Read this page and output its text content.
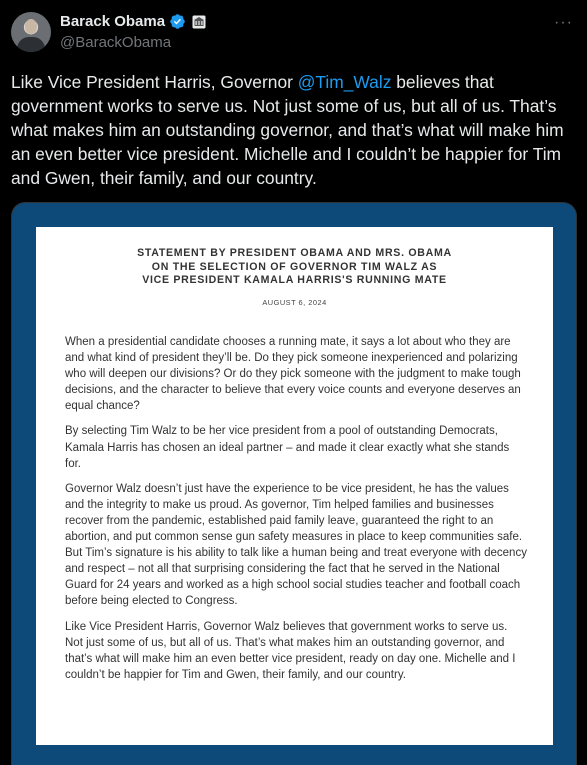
Barack Obama
@BarackObama
···
Like Vice President Harris, Governor @Tim_Walz believes that government works to serve us. Not just some of us, but all of us. That’s what makes him an outstanding governor, and that’s what will make him an even better vice president. Michelle and I couldn’t be happier for Tim and Gwen, their family, and our country.
STATEMENT BY PRESIDENT OBAMA AND MRS. OBAMA
ON THE SELECTION OF GOVERNOR TIM WALZ AS
VICE PRESIDENT KAMALA HARRIS'S RUNNING MATE
AUGUST 6, 2024

When a presidential candidate chooses a running mate, it says a lot about who they are and what kind of president they’ll be. Do they pick someone inexperienced and polarizing who will deepen our divisions? Or do they pick someone with the judgment to make tough decisions, and the character to believe that every voice counts and everyone deserves an equal chance?

By selecting Tim Walz to be her vice president from a pool of outstanding Democrats, Kamala Harris has chosen an ideal partner – and made it clear exactly what she stands for.

Governor Walz doesn’t just have the experience to be vice president, he has the values and the integrity to make us proud. As governor, Tim helped families and businesses recover from the pandemic, established paid family leave, guaranteed the right to an abortion, and put common sense gun safety measures in place to keep communities safe. But Tim’s signature is his ability to talk like a human being and treat everyone with decency and respect – not all that surprising considering the fact that he served in the National Guard for 24 years and worked as a high school social studies teacher and football coach before being elected to Congress.

Like Vice President Harris, Governor Walz believes that government works to serve us. Not just some of us, but all of us. That’s what makes him an outstanding governor, and that’s what will make him an even better vice president, ready on day one. Michelle and I couldn’t be happier for Tim and Gwen, their family, and our country.
